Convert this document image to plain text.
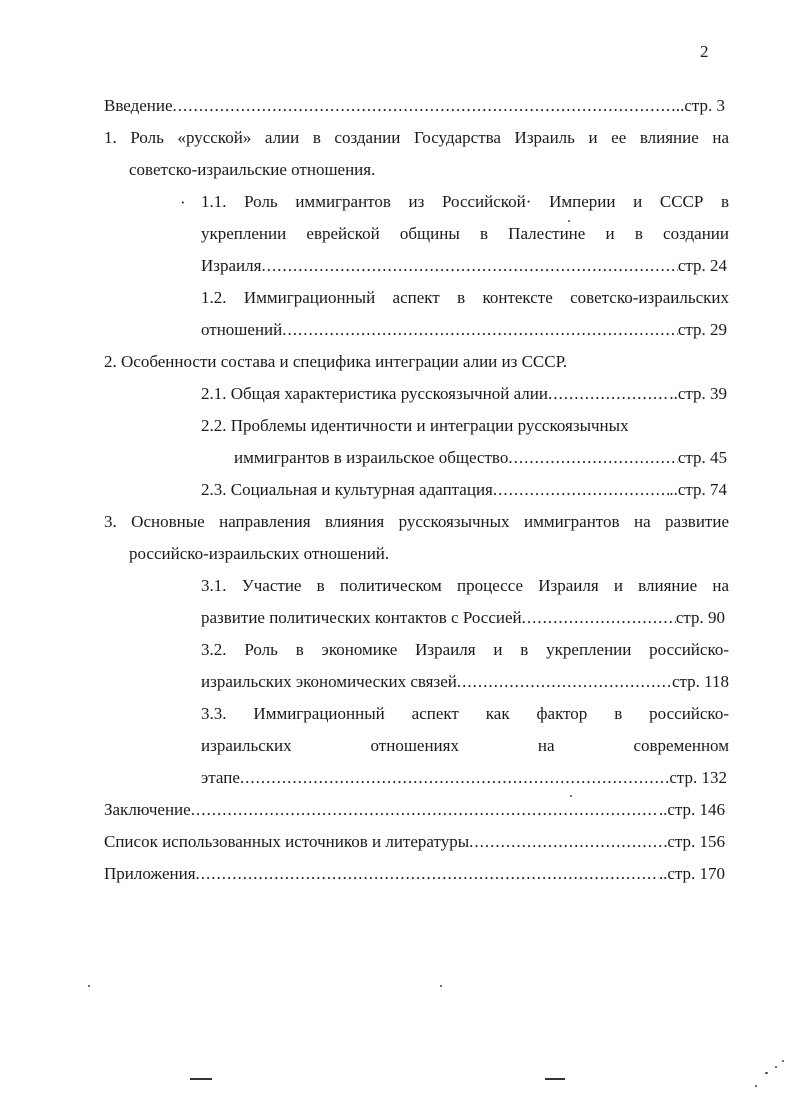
2
·
Введение .....	..стр. 3
1. Роль «русской» алии в создании Государства Израиль и ее влияние на
советско-израильские отношения.
1.1. Роль иммигрантов из Российской· Империи и СССР в
укреплении еврейской общины в Палестине и в создании
Израиля .....	стр. 24
1.2. Иммиграционный аспект в контексте советско-израильских
отношений .....	стр. 29
2. Особенности состава и специфика интеграции алии из СССР.
2.1. Общая характеристика русскоязычной алии .....	..стр. 39
2.2. Проблемы идентичности и интеграции русскоязычных
иммигрантов в израильское общество .....	стр. 45
2.3. Социальная и культурная адаптация .....	..стр. 74
3. Основные направления влияния русскоязычных иммигрантов на развитие
российско-израильских отношений.
3.1. Участие в политическом процессе Израиля и влияние на
развитие политических контактов с Россией .....	стр. 90
3.2. Роль в экономике Израиля и в укреплении российско-
израильских экономических связей .....	стр. 118
3.3. Иммиграционный аспект как фактор в российско-
израильских отношениях на современном
этапе .....	стр. 132
Заключение .....	..стр. 146
Список использованных источников и литературы .....	стр. 156
Приложения .....	..стр. 170
